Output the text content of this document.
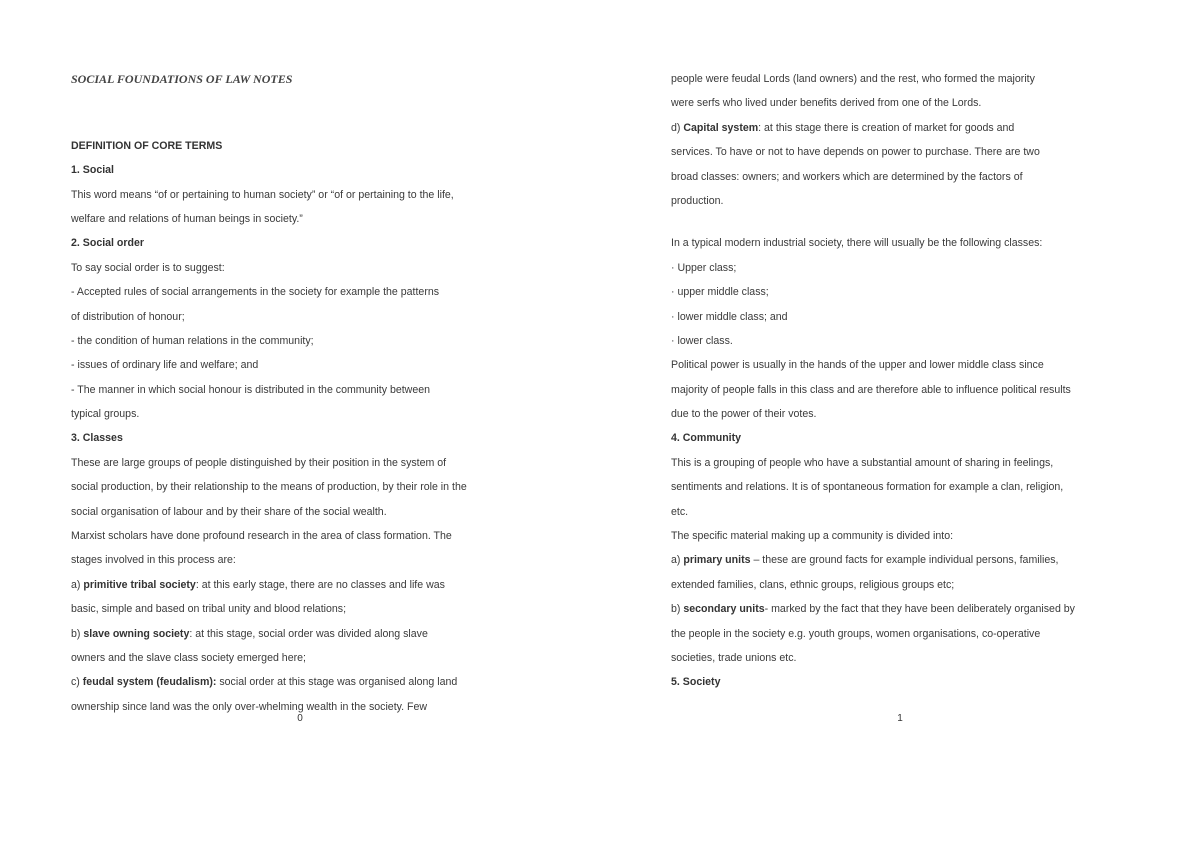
SOCIAL FOUNDATIONS OF LAW NOTES
DEFINITION OF CORE TERMS
1. Social
This word means “of or pertaining to human society” or “of or pertaining to the life,
welfare and relations of human beings in society.”
2. Social order
To say social order is to suggest:
- Accepted rules of social arrangements in the society for example the patterns
of distribution of honour;
- the condition of human relations in the community;
- issues of ordinary life and welfare; and
- The manner in which social honour is distributed in the community between
typical groups.
3. Classes
These are large groups of people distinguished by their position in the system of
social production, by their relationship to the means of production, by their role in the
social organisation of labour and by their share of the social wealth.
Marxist scholars have done profound research in the area of class formation. The
stages involved in this process are:
a) primitive tribal society: at this early stage, there are no classes and life was
basic, simple and based on tribal unity and blood relations;
b) slave owning society: at this stage, social order was divided along slave
owners and the slave class society emerged here;
c) feudal system (feudalism): social order at this stage was organised along land
ownership since land was the only over-whelming wealth in the society. Few
0
people were feudal Lords (land owners) and the rest, who formed the majority
were serfs who lived under benefits derived from one of the Lords.
d) Capital system: at this stage there is creation of market for goods and
services. To have or not to have depends on power to purchase. There are two
broad classes: owners; and workers which are determined by the factors of
production.
In a typical modern industrial society, there will usually be the following classes:
· Upper class;
· upper middle class;
· lower middle class; and
· lower class.
Political power is usually in the hands of the upper and lower middle class since
majority of people falls in this class and are therefore able to influence political results
due to the power of their votes.
4. Community
This is a grouping of people who have a substantial amount of sharing in feelings,
sentiments and relations. It is of spontaneous formation for example a clan, religion,
etc.
The specific material making up a community is divided into:
a) primary units – these are ground facts for example individual persons, families,
extended families, clans, ethnic groups, religious groups etc;
b) secondary units- marked by the fact that they have been deliberately organised by
the people in the society e.g. youth groups, women organisations, co-operative
societies, trade unions etc.
5. Society
1
